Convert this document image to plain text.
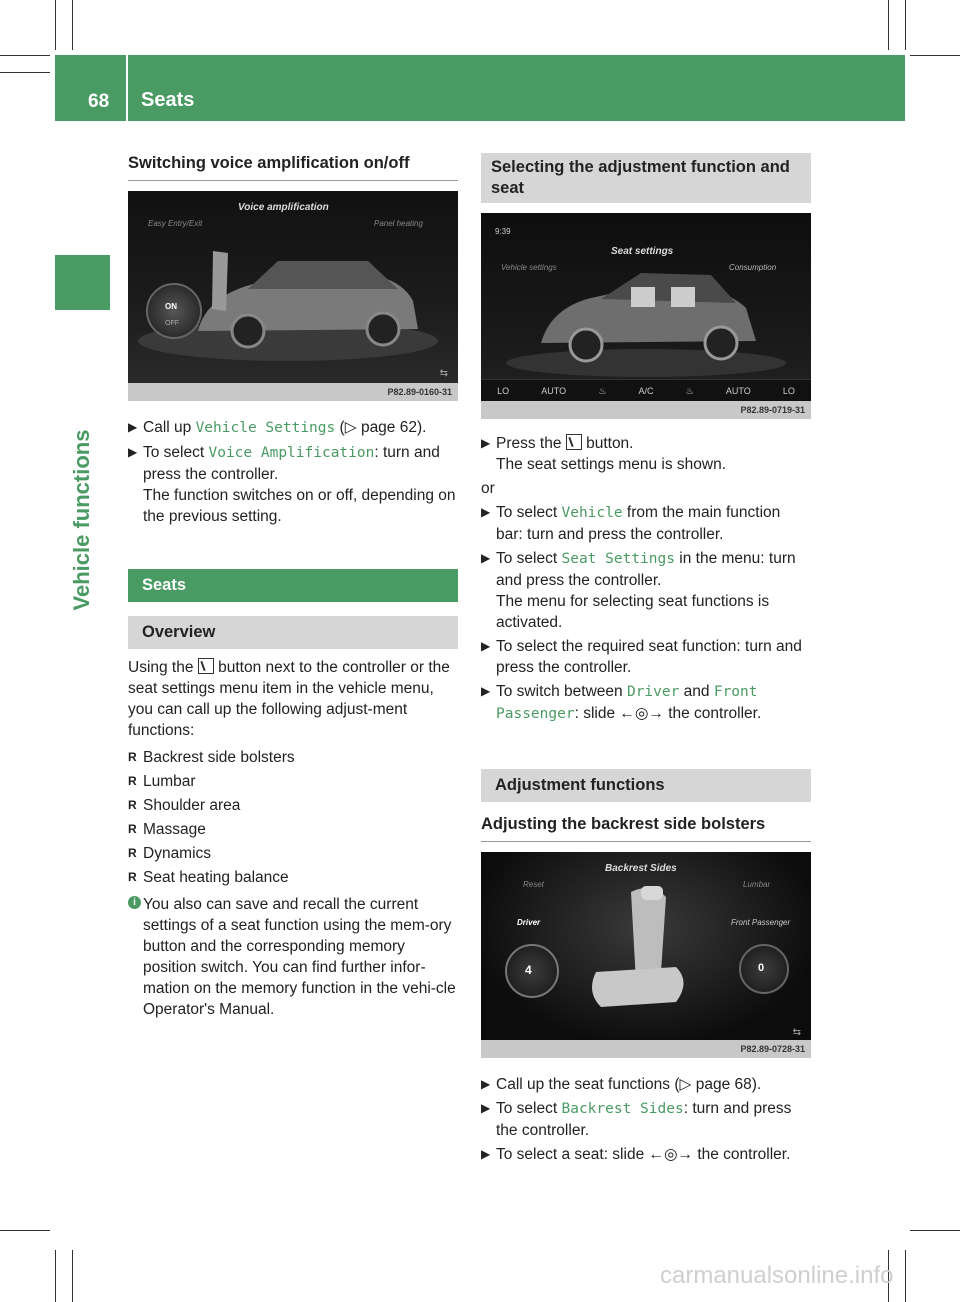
68 Seats
Vehicle functions
Switching voice amplification on/off
Voice amplification
Easy Entry/Exit	Panel heating
ON
OFF
⇆
P82.89-0160-31
▶ Call up Vehicle Settings (▷ page 62).
▶ To select Voice Amplification: turn and press the controller.
The function switches on or off, depending on the previous setting.
Seats
Overview
Using the  button next to the controller or the seat settings menu item in the vehicle menu, you can call up the following adjust-ment functions:
R Backrest side bolsters
R Lumbar
R Shoulder area
R Massage
R Dynamics
R Seat heating balance
i You also can save and recall the current settings of a seat function using the mem-ory button and the corresponding memory position switch. You can find further infor-mation on the memory function in the vehi-cle Operator's Manual.
Selecting the adjustment function and seat
9:39
Seat settings
Vehicle settings	Consumption
LO	AUTO	♨	A/C	♨	AUTO	LO
P82.89-0719-31
▶ Press the  button.
The seat settings menu is shown.
or
▶ To select Vehicle from the main function bar: turn and press the controller.
▶ To select Seat Settings in the menu: turn and press the controller.
The menu for selecting seat functions is activated.
▶ To select the required seat function: turn and press the controller.
▶ To switch between Driver and Front Passenger: slide ←◎→ the controller.
Adjustment functions
Adjusting the backrest side bolsters
Backrest Sides
Reset	Lumbar
Driver	Front Passenger
4	0
⇆
P82.89-0728-31
▶ Call up the seat functions (▷ page 68).
▶ To select Backrest Sides: turn and press the controller.
▶ To select a seat: slide ←◎→ the controller.
carmanualsonline.info
